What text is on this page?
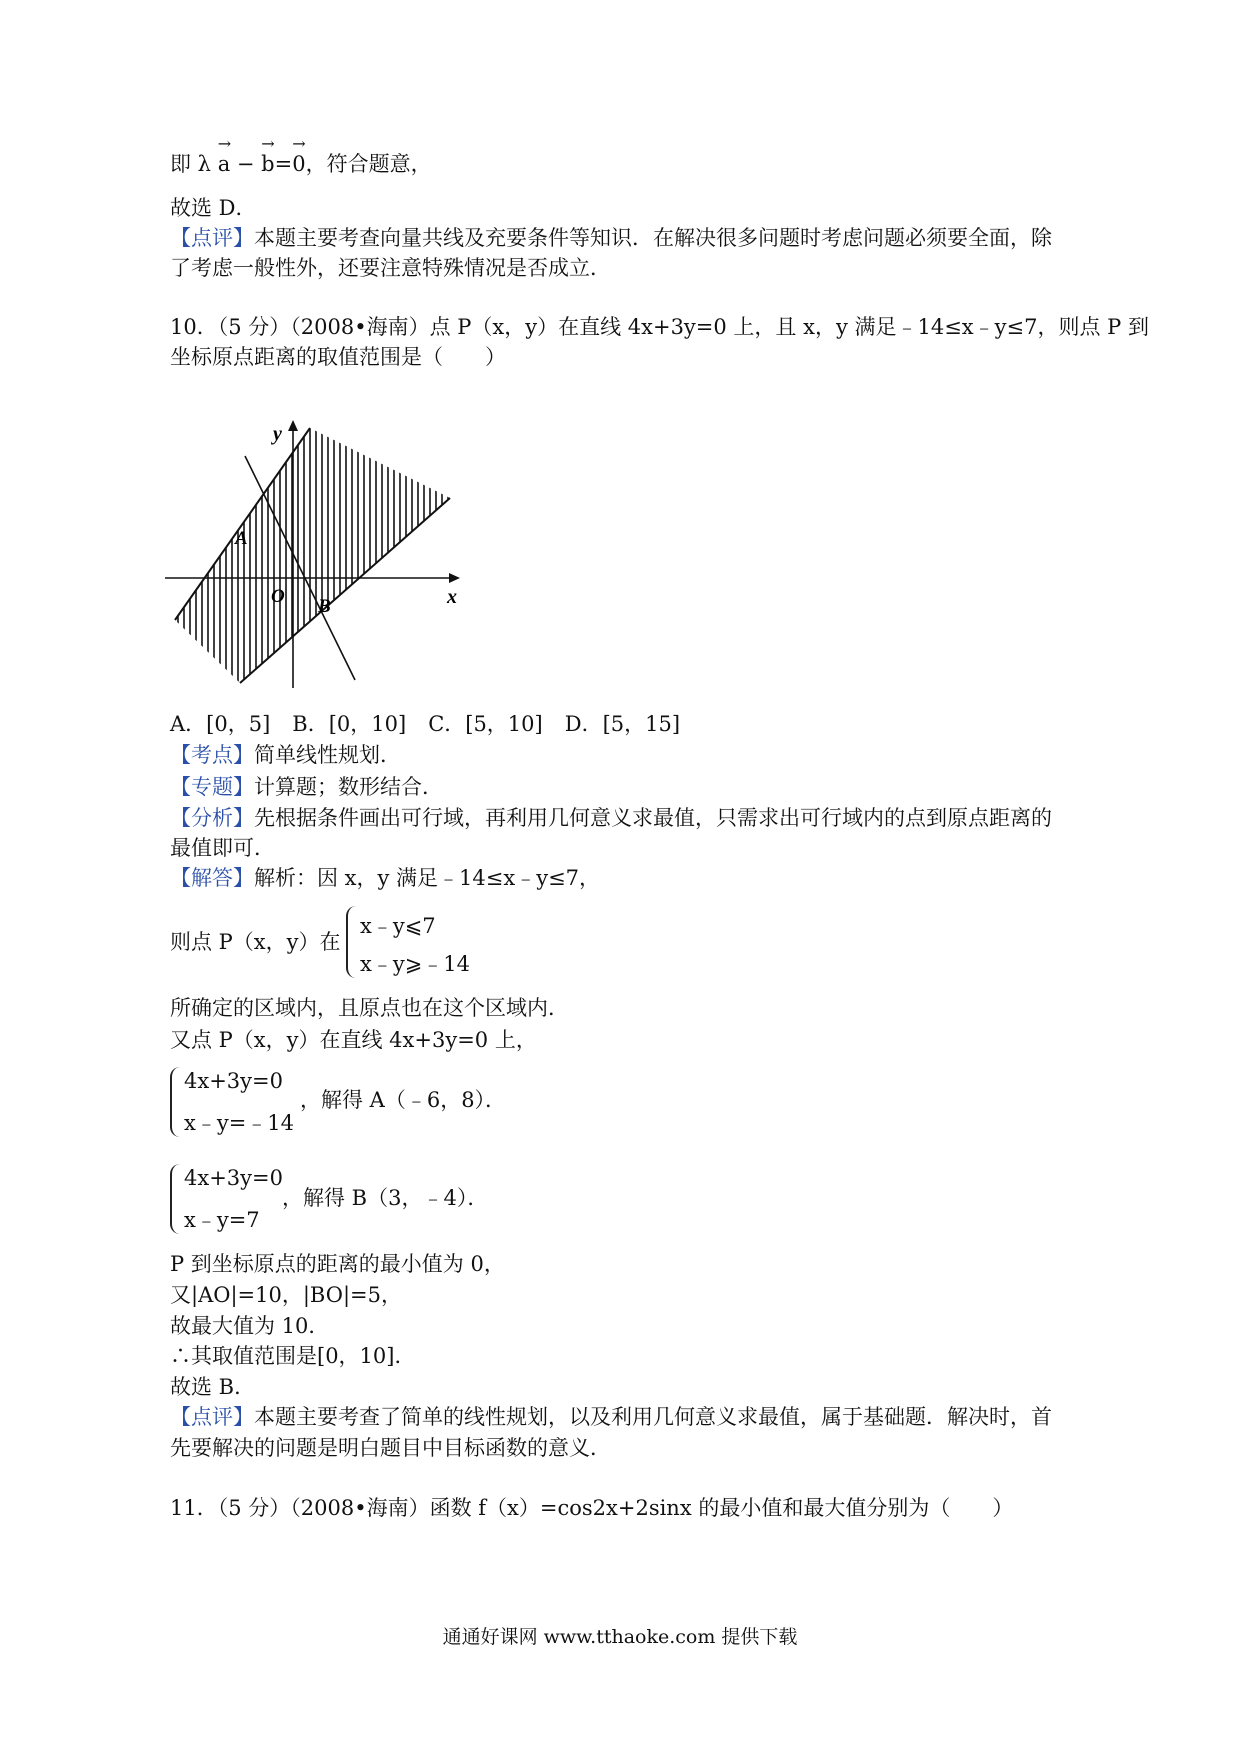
即 λ → a − → b=→ 0，符合题意，
故选 D．
【点评】本题主要考查向量共线及充要条件等知识．在解决很多问题时考虑问题必须要全面，除
了考虑一般性外，还要注意特殊情况是否成立．
10．（5 分）（2008•海南）点 P（x，y）在直线 4x+3y=0 上，且 x，y 满足﹣14≤x﹣y≤7，则点 P 到
坐标原点距离的取值范围是（　　）
y
x
O
A
B
A．[0，5] B．[0，10] C．[5，10] D．[5，15]
【考点】简单线性规划．
【专题】计算题；数形结合．
【分析】先根据条件画出可行域，再利用几何意义求最值，只需求出可行域内的点到原点距离的
最值即可．
【解答】解析：因 x，y 满足﹣14≤x﹣y≤7，
则点 P（x，y）在
x﹣y⩽7
x﹣y⩾﹣14
所确定的区域内，且原点也在这个区域内．
又点 P（x，y）在直线 4x+3y=0 上，
4x+3y=0
x﹣y=﹣14
，解得 A（﹣6，8）．
4x+3y=0
x﹣y=7
，解得 B（3，﹣4）．
P 到坐标原点的距离的最小值为 0，
又|AO|=10，|BO|=5，
故最大值为 10．
∴其取值范围是[0，10]．
故选 B．
【点评】本题主要考查了简单的线性规划，以及利用几何意义求最值，属于基础题．解决时，首
先要解决的问题是明白题目中目标函数的意义．
11．（5 分）（2008•海南）函数 f（x）=cos2x+2sinx 的最小值和最大值分别为（　　）
通通好课网 www.tthaoke.com 提供下载
